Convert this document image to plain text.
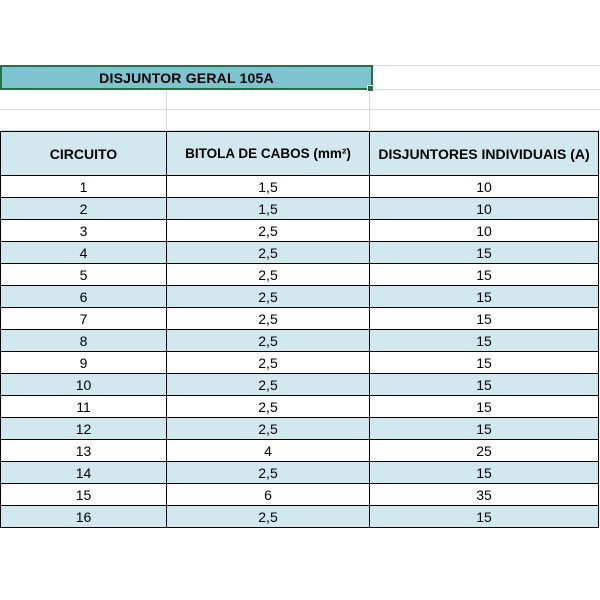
DISJUNTOR GERAL 105A
CIRCUITO	BITOLA DE CABOS (mm²)	DISJUNTORES INDIVIDUAIS (A)
1	1,5	10
2	1,5	10
3	2,5	10
4	2,5	15
5	2,5	15
6	2,5	15
7	2,5	15
8	2,5	15
9	2,5	15
10	2,5	15
11	2,5	15
12	2,5	15
13	4	25
14	2,5	15
15	6	35
16	2,5	15
